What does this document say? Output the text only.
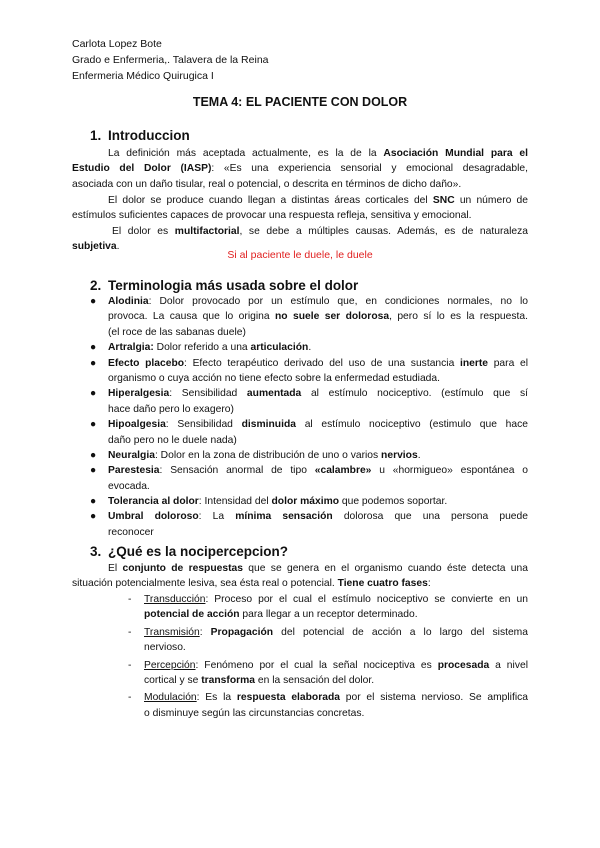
Carlota Lopez Bote
Grado e Enfermeria,. Talavera de la Reina
Enfermeria Médico Quirugica I
TEMA 4: EL PACIENTE CON DOLOR
1. Introduccion
La definición más aceptada actualmente, es la de la Asociación Mundial para el
Estudio del Dolor (IASP): «Es una experiencia sensorial y emocional desagradable,
asociada con un daño tisular, real o potencial, o descrita en términos de dicho daño».
El dolor se produce cuando llegan a distintas áreas corticales del SNC un número de
estímulos suficientes capaces de provocar una respuesta refleja, sensitiva y emocional.
El dolor es multifactorial, se debe a múltiples causas. Además, es de naturaleza
subjetiva.
Si al paciente le duele, le duele
2. Terminologia más usada sobre el dolor
●	Alodinia: Dolor provocado por un estímulo que, en condiciones normales, no lo
provoca. La causa que lo origina no suele ser dolorosa, pero sí lo es la respuesta.
(el roce de las sabanas duele)
●	Artralgia: Dolor referido a una articulación.
●	Efecto placebo: Efecto terapéutico derivado del uso de una sustancia inerte para el
organismo o cuya acción no tiene efecto sobre la enfermedad estudiada.
●	Hiperalgesia: Sensibilidad aumentada al estímulo nociceptivo. (estímulo que sí
hace daño pero lo exagero)
●	Hipoalgesia: Sensibilidad disminuida al estímulo nociceptivo (estimulo que hace
daño pero no le duele nada)
●	Neuralgia: Dolor en la zona de distribución de uno o varios nervios.
●	Parestesia: Sensación anormal de tipo «calambre» u «hormigueo» espontánea o
evocada.
●	Tolerancia al dolor: Intensidad del dolor máximo que podemos soportar.
●	Umbral doloroso: La mínima sensación dolorosa que una persona puede
reconocer
3. ¿Qué es la nocipercepcion?
El conjunto de respuestas que se genera en el organismo cuando éste detecta una
situación potencialmente lesiva, sea ésta real o potencial. Tiene cuatro fases:
- Transducción: Proceso por el cual el estímulo nociceptivo se convierte en un
potencial de acción para llegar a un receptor determinado.
- Transmisión: Propagación del potencial de acción a lo largo del sistema
nervioso.
- Percepción: Fenómeno por el cual la señal nociceptiva es procesada a nivel
cortical y se transforma en la sensación del dolor.
- Modulación: Es la respuesta elaborada por el sistema nervioso. Se amplifica
o disminuye según las circunstancias concretas.
